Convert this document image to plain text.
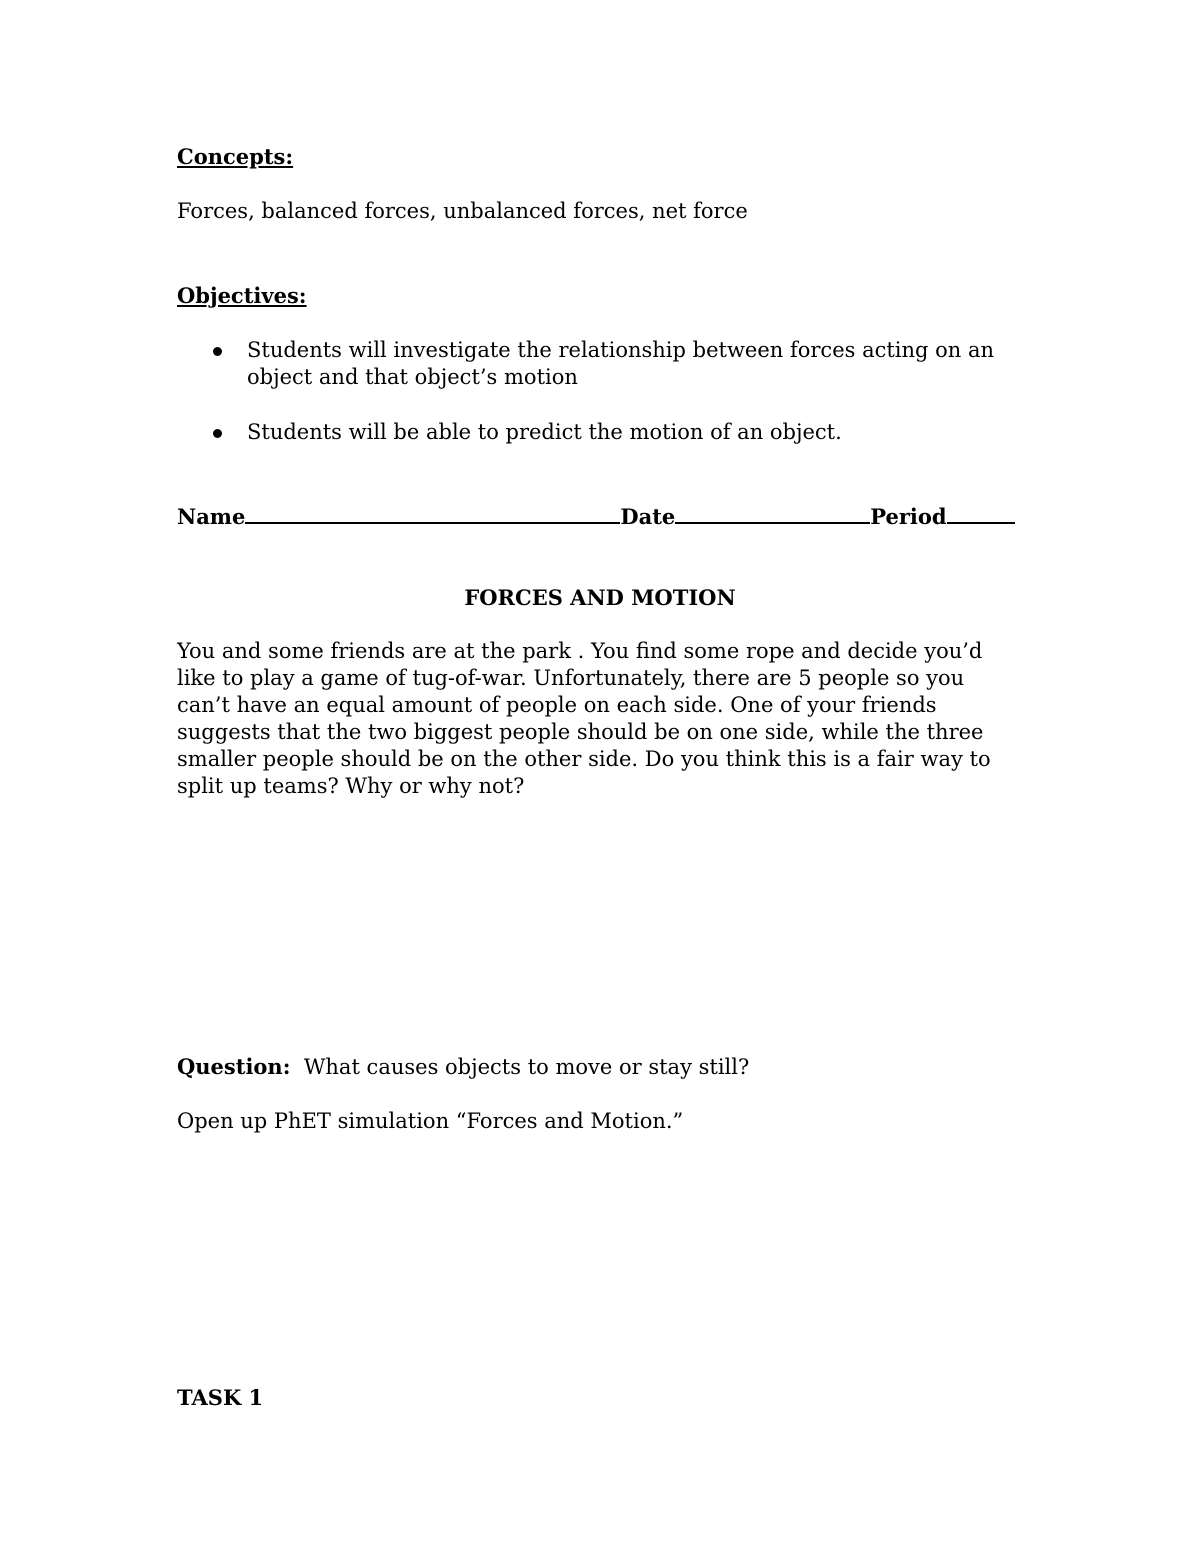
Concepts:
Forces, balanced forces, unbalanced forces, net force
Objectives:
Students will investigate the relationship between forces acting on an object and that object’s motion
Students will be able to predict the motion of an object.
Name	Date	Period
FORCES AND MOTION
You and some friends are at the park . You find some rope and decide you’d like to play a game of tug-of-war. Unfortunately, there are 5 people so you can’t have an equal amount of people on each side. One of your friends suggests that the two biggest people should be on one side, while the three smaller people should be on the other side. Do you think this is a fair way to split up teams? Why or why not?
Question: What causes objects to move or stay still?
Open up PhET simulation “Forces and Motion.”
TASK 1
